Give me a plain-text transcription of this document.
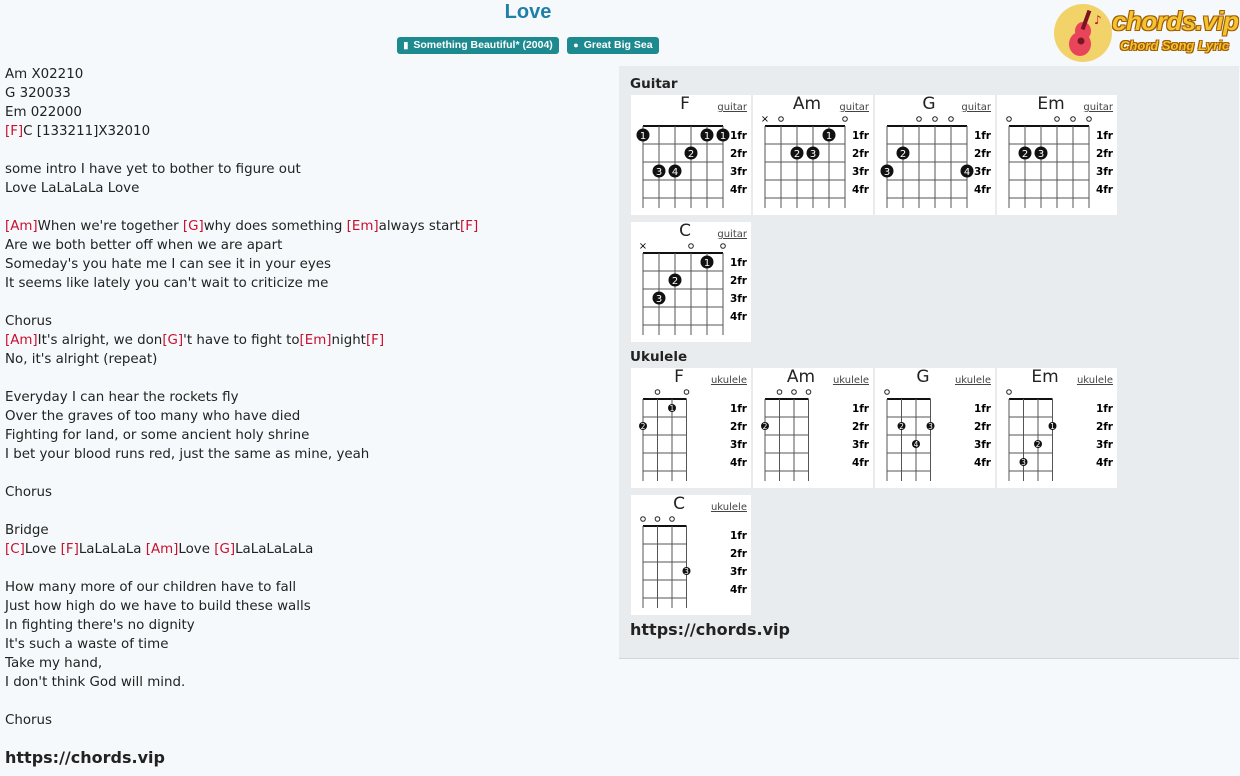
Love
▮ Something Beautiful* (2004) ● Great Big Sea
♪ chords.vip
Chord Song Lyric
Am X02210
G 320033
Em 022000
[F]C [133211]X32010
some intro I have yet to bother to figure out
Love LaLaLaLa Love
[Am]When we're together [G]why does something [Em]always start[F]
Are we both better off when we are apart
Someday's you hate me I can see it in your eyes
It seems like lately you can't wait to criticize me
Chorus
[Am]It's alright, we don[G]'t have to fight to[Em]night[F]
No, it's alright (repeat)
Everyday I can hear the rockets fly
Over the graves of too many who have died
Fighting for land, or some ancient holy shrine
I bet your blood runs red, just the same as mine, yeah
Chorus
Bridge
[C]Love [F]LaLaLaLa [Am]Love [G]LaLaLaLaLa
How many more of our children have to fall
Just how high do we have to build these walls
In fighting there's no dignity
It's such a waste of time
Take my hand,
I don't think God will mind.
Chorus
https://chords.vip
Guitar
Ukulele
https://chords.vip
1	1 1
2
4
3
1fr
2fr
3fr
4fr
F	guitar
×
1
3
2
1fr
2fr
3fr
4fr
Am	guitar
4
2
3
1fr
2fr
3fr
4fr
G	guitar
3
2
1fr
2fr
3fr
4fr
Em	guitar
×
1
2
3
1fr
2fr
3fr
4fr
C	guitar
1
2
1fr
2fr
3fr
4fr
F	ukulele
2
1fr
2fr
3fr
4fr
Am	ukulele
3
4
2
1fr
2fr
3fr
4fr
G	ukulele
1
2
3
1fr
2fr
3fr
4fr
Em	ukulele
3
1fr
2fr
3fr
4fr
C	ukulele
